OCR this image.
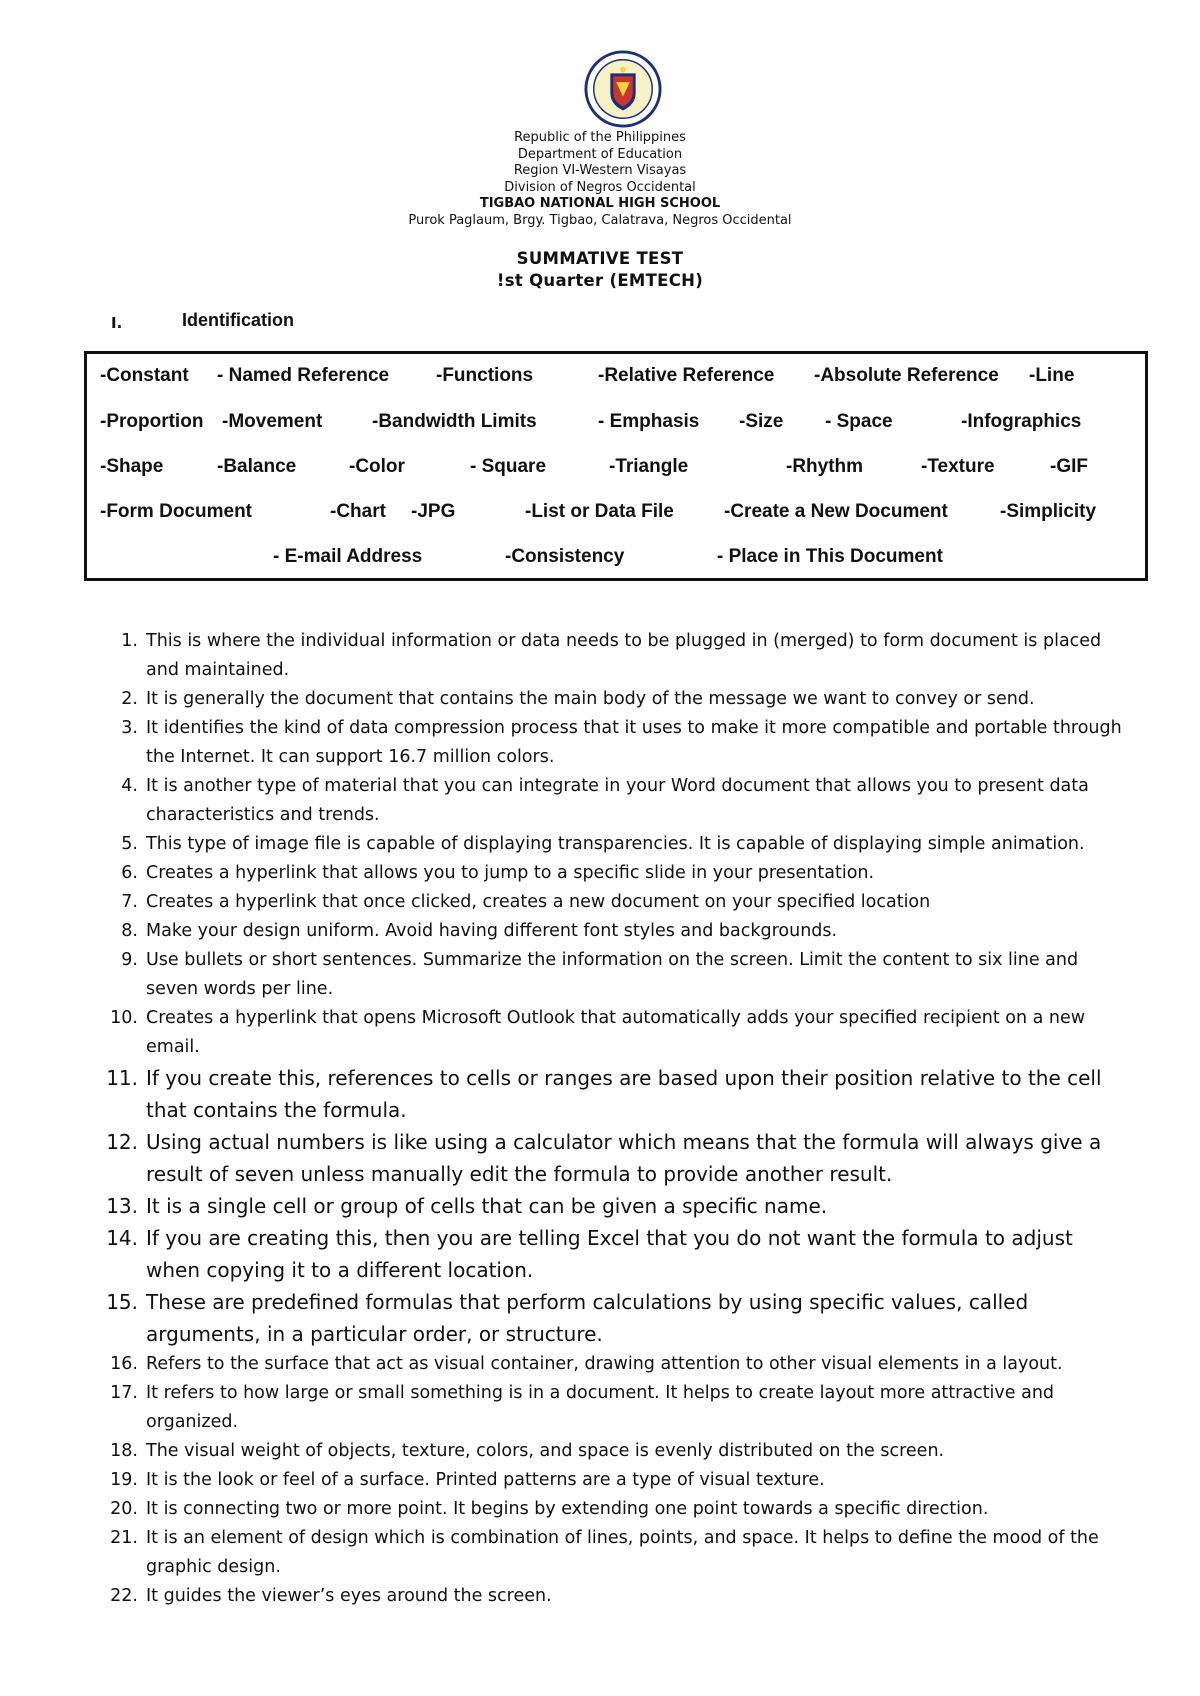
Republic of the Philippines
Department of Education
Region VI-Western Visayas
Division of Negros Occidental
TIGBAO NATIONAL HIGH SCHOOL
Purok Paglaum, Brgy. Tigbao, Calatrava, Negros Occidental
SUMMATIVE TEST
!st Quarter (EMTECH)
I.	Identification
-Constant - Named Reference -Functions	-Relative Reference -Absolute Reference -Line
-Proportion -Movement	-Bandwidth Limits	- Emphasis -Size - Space	-Infographics
-Shape	-Balance	-Color	- Square	-Triangle	-Rhythm	-Texture	-GIF
-Form Document	-Chart -JPG	-List or Data File	-Create a New Document	-Simplicity
- E-mail Address	-Consistency	- Place in This Document
1. This is where the individual information or data needs to be plugged in (merged) to form document is placed and maintained.
2. It is generally the document that contains the main body of the message we want to convey or send.
3. It identifies the kind of data compression process that it uses to make it more compatible and portable through the Internet. It can support 16.7 million colors.
4. It is another type of material that you can integrate in your Word document that allows you to present data characteristics and trends.
5. This type of image file is capable of displaying transparencies. It is capable of displaying simple animation.
6. Creates a hyperlink that allows you to jump to a specific slide in your presentation.
7. Creates a hyperlink that once clicked, creates a new document on your specified location
8. Make your design uniform. Avoid having different font styles and backgrounds.
9. Use bullets or short sentences. Summarize the information on the screen. Limit the content to six line and seven words per line.
10. Creates a hyperlink that opens Microsoft Outlook that automatically adds your specified recipient on a new email.
11. If you create this, references to cells or ranges are based upon their position relative to the cell that contains the formula.
12. Using actual numbers is like using a calculator which means that the formula will always give a result of seven unless manually edit the formula to provide another result.
13. It is a single cell or group of cells that can be given a specific name.
14. If you are creating this, then you are telling Excel that you do not want the formula to adjust when copying it to a different location.
15. These are predefined formulas that perform calculations by using specific values, called arguments, in a particular order, or structure.
16. Refers to the surface that act as visual container, drawing attention to other visual elements in a layout.
17. It refers to how large or small something is in a document. It helps to create layout more attractive and organized.
18. The visual weight of objects, texture, colors, and space is evenly distributed on the screen.
19. It is the look or feel of a surface. Printed patterns are a type of visual texture.
20. It is connecting two or more point. It begins by extending one point towards a specific direction.
21. It is an element of design which is combination of lines, points, and space. It helps to define the mood of the graphic design.
22. It guides the viewer’s eyes around the screen.
